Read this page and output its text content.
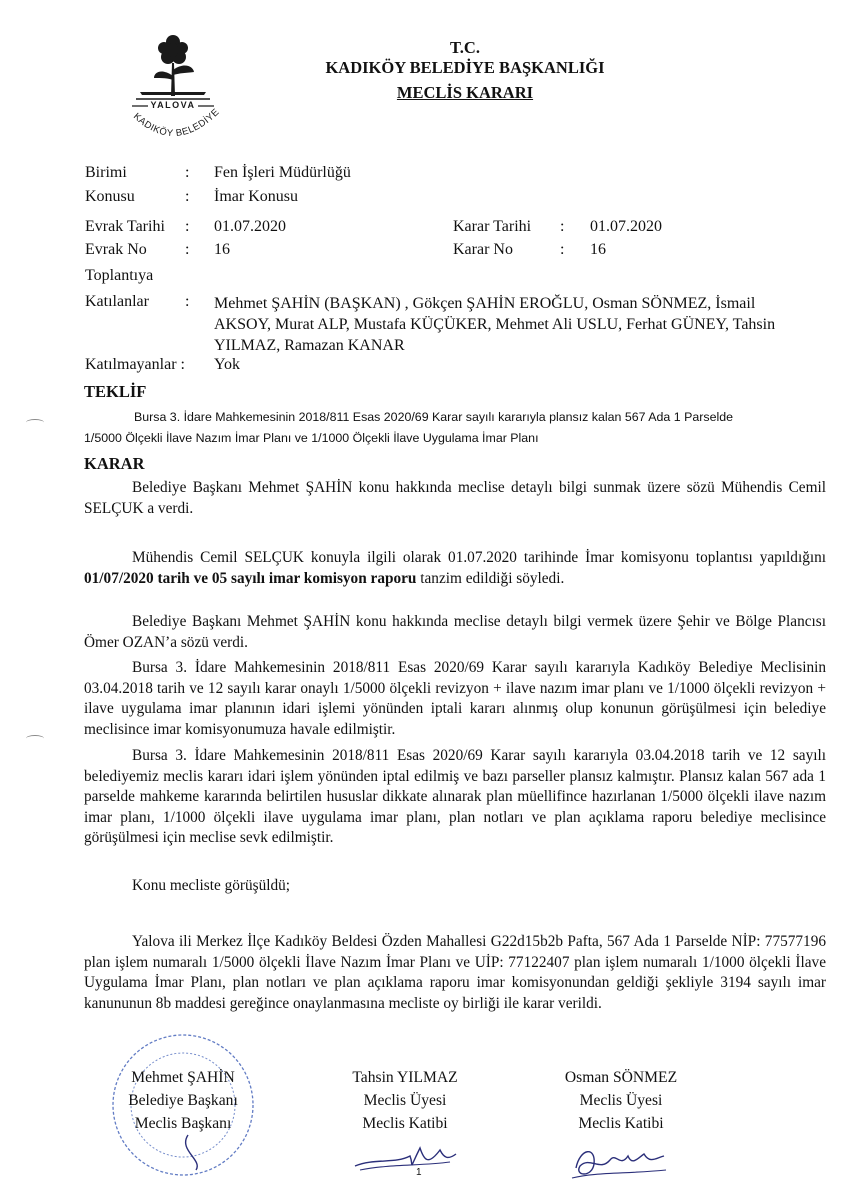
YALOVA
KADIKÖY BELEDİYE
T.C.
KADIKÖY BELEDİYE BAŞKANLIĞI
MECLİS KARARI
Birimi	: Fen İşleri Müdürlüğü
Konusu	: İmar Konusu
Evrak Tarihi : 01.07.2020	Karar Tarihi : 01.07.2020
Evrak No : 16	Karar No	: 16
Toplantıya
Katılanlar : Mehmet ŞAHİN (BAŞKAN) , Gökçen ŞAHİN EROĞLU, Osman SÖNMEZ, İsmail AKSOY, Murat ALP, Mustafa KÜÇÜKER, Mehmet Ali USLU, Ferhat GÜNEY, Tahsin YILMAZ, Ramazan KANAR
Katılmayanlar : Yok
TEKLİF
Bursa 3. İdare Mahkemesinin 2018/811 Esas 2020/69 Karar sayılı kararıyla plansız kalan 567 Ada 1 Parselde
1/5000 Ölçekli İlave Nazım İmar Planı ve 1/1000 Ölçekli İlave Uygulama İmar Planı
KARAR
Belediye Başkanı Mehmet ŞAHİN konu hakkında meclise detaylı bilgi sunmak üzere sözü Mühendis Cemil SELÇUK a verdi.
Mühendis Cemil SELÇUK konuyla ilgili olarak 01.07.2020 tarihinde İmar komisyonu toplantısı yapıldığını 01/07/2020 tarih ve 05 sayılı imar komisyon raporu tanzim edildiği söyledi.
Belediye Başkanı Mehmet ŞAHİN konu hakkında meclise detaylı bilgi vermek üzere Şehir ve Bölge Plancısı Ömer OZAN’a sözü verdi.
Bursa 3. İdare Mahkemesinin 2018/811 Esas 2020/69 Karar sayılı kararıyla Kadıköy Belediye Meclisinin 03.04.2018 tarih ve 12 sayılı karar onaylı 1/5000 ölçekli revizyon + ilave nazım imar planı ve 1/1000 ölçekli revizyon + ilave uygulama imar planının idari işlemi yönünden iptali kararı alınmış olup konunun görüşülmesi için belediye meclisince imar komisyonumuza havale edilmiştir.
Bursa 3. İdare Mahkemesinin 2018/811 Esas 2020/69 Karar sayılı kararıyla 03.04.2018 tarih ve 12 sayılı belediyemiz meclis kararı idari işlem yönünden iptal edilmiş ve bazı parseller plansız kalmıştır. Plansız kalan 567 ada 1 parselde mahkeme kararında belirtilen hususlar dikkate alınarak plan müellifince hazırlanan 1/5000 ölçekli ilave nazım imar planı, 1/1000 ölçekli ilave uygulama imar planı, plan notları ve plan açıklama raporu belediye meclisince görüşülmesi için meclise sevk edilmiştir.
Konu mecliste görüşüldü;
Yalova ili Merkez İlçe Kadıköy Beldesi Özden Mahallesi G22d15b2b Pafta, 567 Ada 1 Parselde NİP: 77577196 plan işlem numaralı 1/5000 ölçekli İlave Nazım İmar Planı ve UİP: 77122407 plan işlem numaralı 1/1000 ölçekli İlave Uygulama İmar Planı, plan notları ve plan açıklama raporu imar komisyonundan geldiği şekliyle 3194 sayılı imar kanununun 8b maddesi gereğince onaylanmasına mecliste oy birliği ile karar verildi.
Mehmet ŞAHİN
Belediye Başkanı
Meclis Başkanı
Tahsin YILMAZ
Meclis Üyesi
Meclis Katibi
Osman SÖNMEZ
Meclis Üyesi
Meclis Katibi
1
